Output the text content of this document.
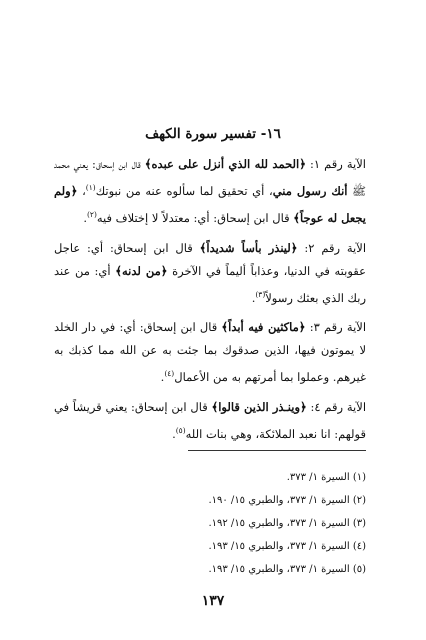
١٦- تفسير سورة الكهف
الآية رقم ١: ﴿الحمد لله الذي أنزل على عبده﴾ قال ابن إسحاق: يعني محمد ﷺ أنك رسول مني، أي تحقيق لما سألوه عنه من نبوتك$^{(١)}$، ﴿ولم يجعل له عوجاً﴾ قال ابن إسحاق: أي: معتدلاً لا إختلاف فيه$^{(٢)}$.
الآية رقم ٢: ﴿لينذر بأساً شديداً﴾ قال ابن إسحاق: أي: عاجل عقوبته في الدنيا، وعذاباً أليماً في الآخرة ﴿من لدنه﴾ أي: من عند ربك الذي بعثك رسولاً$^{(٣)}$.
الآية رقم ٣: ﴿ماكثين فيه أبداً﴾ قال ابن إسحاق: أي: في دار الخلد لا يموتون فيها، الذين صدقوك بما جئت به عن الله مما كذبك به غيرهم. وعملوا بما أمرتهم به من الأعمال$^{(٤)}$.
الآية رقم ٤: ﴿وينـذر الذين قالوا﴾ قال ابن إسحاق: يعني قريشاً في قولهم: انا نعبد الملائكة، وهي بنات الله$^{(٥)}$.
(١) السيرة ١/ ٣٧٣.
(٢) السيرة ١/ ٣٧٣، والطبري ١٥/ ١٩٠.
(٣) السيرة ١/ ٣٧٣، والطبري ١٥/ ١٩٢.
(٤) السيرة ١/ ٣٧٣، والطبري ١٥/ ١٩٣.
(٥) السيرة ١/ ٣٧٣، والطبري ١٥/ ١٩٣.
١٣٧
